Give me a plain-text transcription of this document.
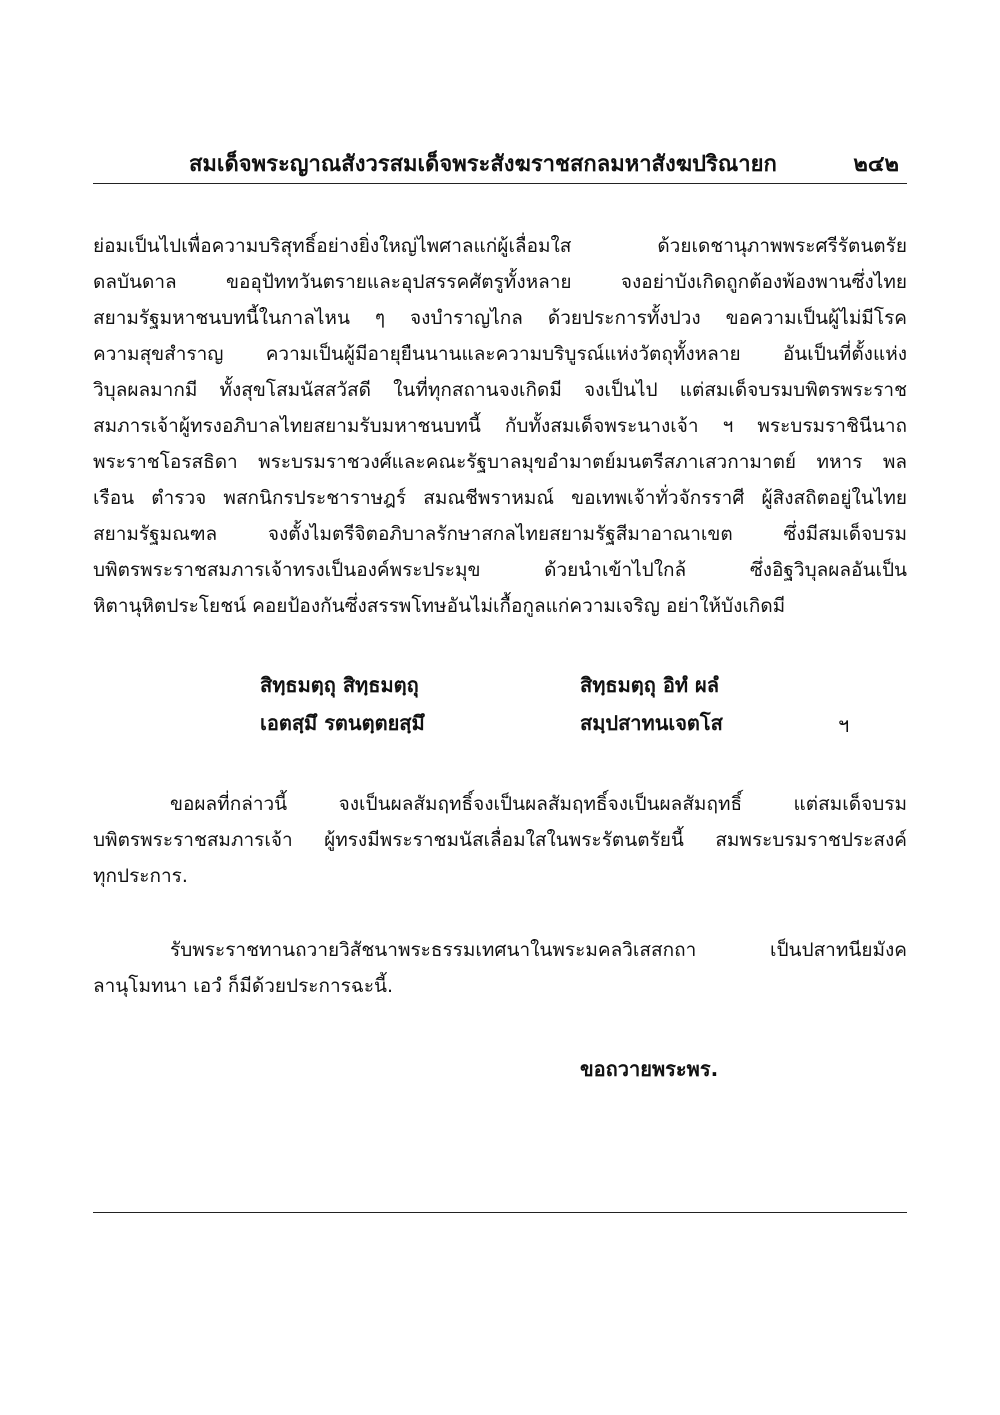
สมเด็จพระญาณสังวรสมเด็จพระสังฆราชสกลมหาสังฆปริณายก	๒๔๒
ย่อมเป็นไปเพื่อความบริสุทธิ์อย่างยิ่งใหญ่ไพศาลแก่ผู้เลื่อมใส ด้วยเดชานุภาพพระศรีรัตนตรัย
ดลบันดาล ขออุปัททวันตรายและอุปสรรคศัตรูทั้งหลาย จงอย่าบังเกิดถูกต้องพ้องพานซึ่งไทย
สยามรัฐมหาชนบทนี้ในกาลไหน ๆ จงบำราญไกล ด้วยประการทั้งปวง ขอความเป็นผู้ไม่มีโรค
ความสุขสำราญ ความเป็นผู้มีอายุยืนนานและความบริบูรณ์แห่งวัตถุทั้งหลาย อันเป็นที่ตั้งแห่ง
วิบุลผลมากมี ทั้งสุขโสมนัสสวัสดี ในที่ทุกสถานจงเกิดมี จงเป็นไป แต่สมเด็จบรมบพิตรพระราช
สมภารเจ้าผู้ทรงอภิบาลไทยสยามรับมหาชนบทนี้ กับทั้งสมเด็จพระนางเจ้า ฯ พระบรมราชินีนาถ
พระราชโอรสธิดา พระบรมราชวงศ์และคณะรัฐบาลมุขอำมาตย์มนตรีสภาเสวกามาตย์ ทหาร พล
เรือน ตำรวจ พสกนิกรประชาราษฎร์ สมณชีพราหมณ์ ขอเทพเจ้าทั่วจักรราศี ผู้สิงสถิตอยู่ในไทย
สยามรัฐมณฑล จงตั้งไมตรีจิตอภิบาลรักษาสกลไทยสยามรัฐสีมาอาณาเขต ซึ่งมีสมเด็จบรม
บพิตรพระราชสมภารเจ้าทรงเป็นองค์พระประมุข ด้วยนำเข้าไปใกล้ ซึ่งอิฐวิบุลผลอันเป็น
หิตานุหิตประโยชน์ คอยป้องกันซึ่งสรรพโทษอันไม่เกื้อกูลแก่ความเจริญ อย่าให้บังเกิดมี
สิทฺธมตฺถุ สิทฺธมตฺถุ	สิทฺธมตฺถุ อิทํ ผลํ
เอตสฺมึ รตนตฺตยสฺมึ	สมฺปสาทนเจตโส	ฯ
ขอผลที่กล่าวนี้ จงเป็นผลสัมฤทธิ์จงเป็นผลสัมฤทธิ์จงเป็นผลสัมฤทธิ์ แต่สมเด็จบรม
บพิตรพระราชสมภารเจ้า ผู้ทรงมีพระราชมนัสเลื่อมใสในพระรัตนตรัยนี้ สมพระบรมราชประสงค์
ทุกประการ.
รับพระราชทานถวายวิสัชนาพระธรรมเทศนาในพระมคลวิเสสกถา เป็นปสาทนียมังค
ลานุโมทนา เอวํ ก็มีด้วยประการฉะนี้.
ขอถวายพระพร.
